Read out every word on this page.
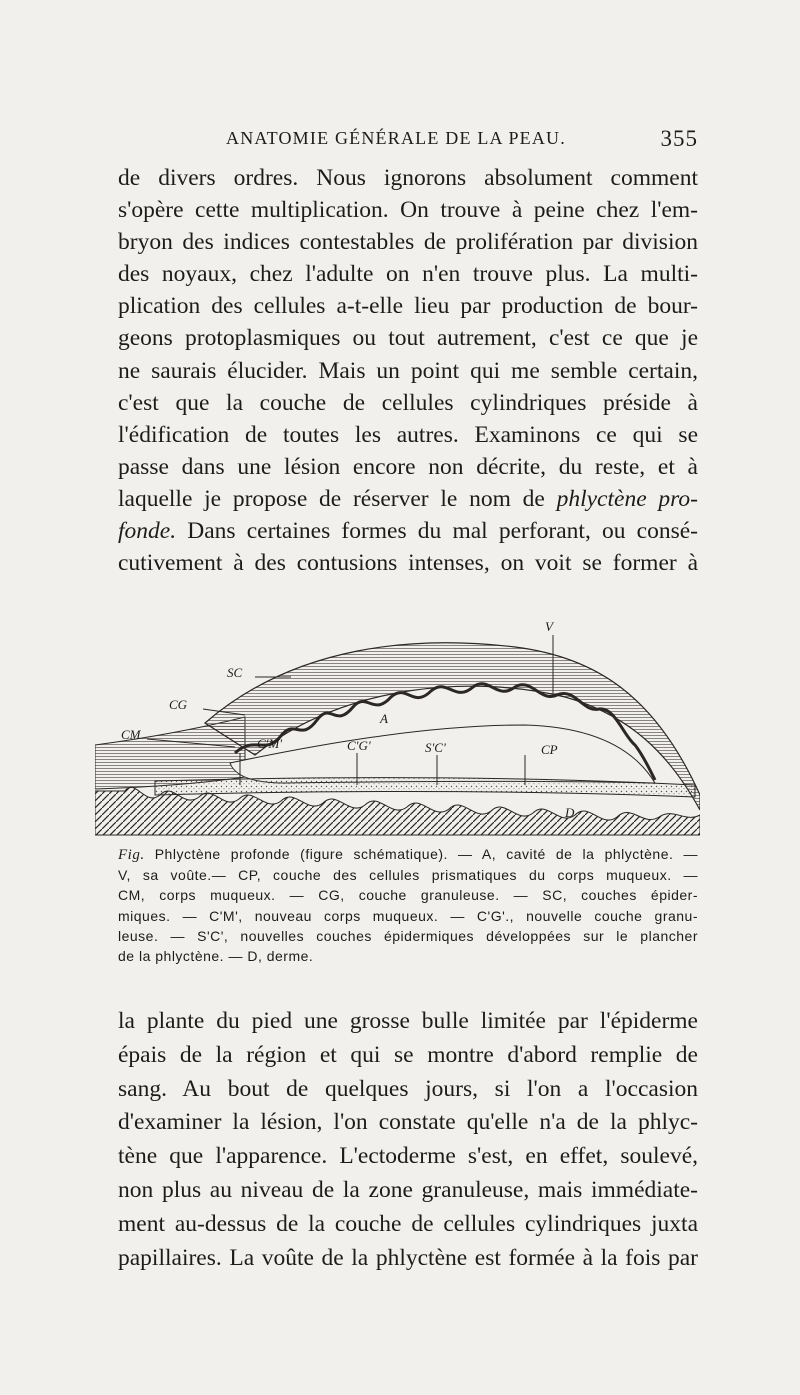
ANATOMIE GÉNÉRALE DE LA PEAU.	355

de divers ordres. Nous ignorons absolument comment
s'opère cette multiplication. On trouve à peine chez l'em-
bryon des indices contestables de prolifération par division
des noyaux, chez l'adulte on n'en trouve plus. La multi-
plication des cellules a-t-elle lieu par production de bour-
geons protoplasmiques ou tout autrement, c'est ce que je
ne saurais élucider. Mais un point qui me semble certain,
c'est que la couche de cellules cylindriques préside à
l'édification de toutes les autres. Examinons ce qui se
passe dans une lésion encore non décrite, du reste, et à
laquelle je propose de réserver le nom de phlyctène pro-
fonde. Dans certaines formes du mal perforant, ou consé-
cutivement à des contusions intenses, on voit se former à

V
SC
CG
CM
A
C'M'	C'G'	S'C'	CP
D

Fig. Phlyctène profonde (figure schématique). — A, cavité de la phlyctène. —
V, sa voûte.— CP, couche des cellules prismatiques du corps muqueux. —
CM, corps muqueux. — CG, couche granuleuse. — SC, couches épider-
miques. — C'M', nouveau corps muqueux. — C'G'., nouvelle couche granu-
leuse. — S'C', nouvelles couches épidermiques développées sur le plancher
de la phlyctène. — D, derme.

la plante du pied une grosse bulle limitée par l'épiderme
épais de la région et qui se montre d'abord remplie de
sang. Au bout de quelques jours, si l'on a l'occasion
d'examiner la lésion, l'on constate qu'elle n'a de la phlyc-
tène que l'apparence. L'ectoderme s'est, en effet, soulevé,
non plus au niveau de la zone granuleuse, mais immédiate-
ment au-dessus de la couche de cellules cylindriques juxta
papillaires. La voûte de la phlyctène est formée à la fois par
